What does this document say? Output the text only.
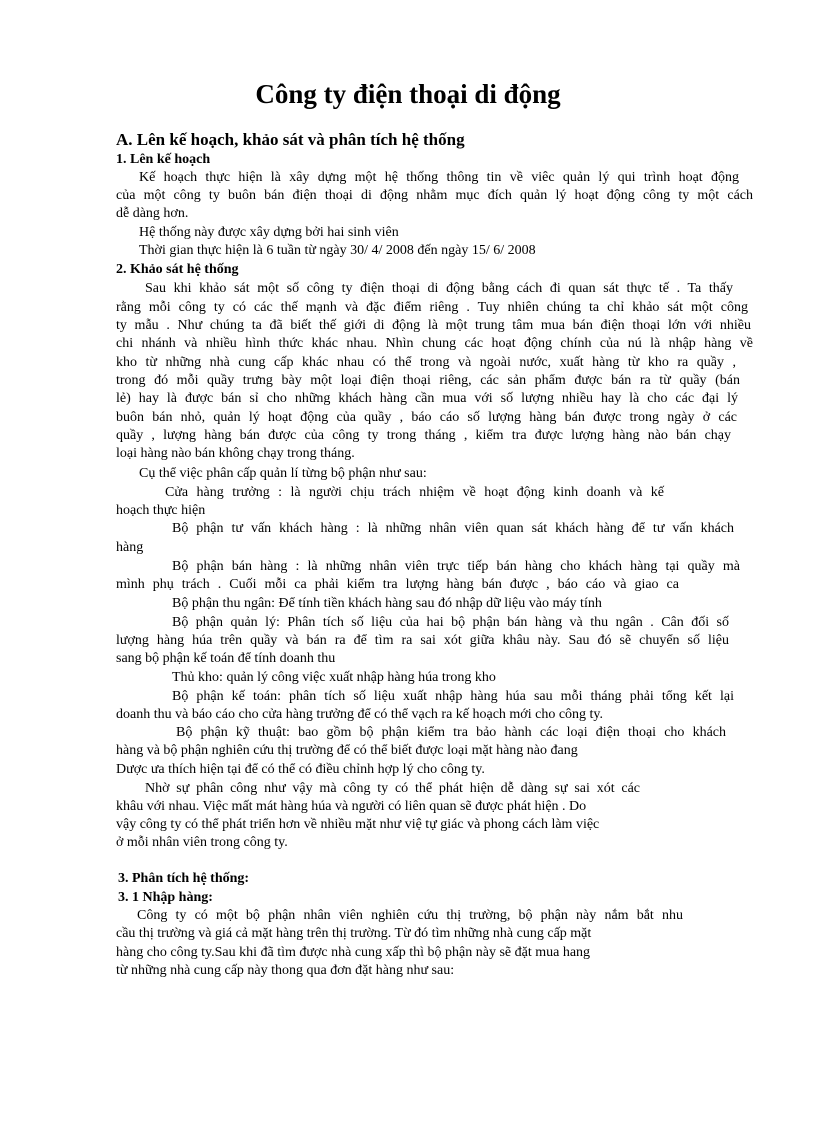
Công ty điện thoại di động
A. Lên kế hoạch, khảo sát và phân tích hệ thống
1. Lên kế hoạch
Kế hoạch thực hiện là xây dựng một hệ thống thông tin về viêc quản lý qui trình hoạt động
của một công ty buôn bán điện thoại di động nhằm mục đích quản lý hoạt động công ty một cách
dễ dàng hơn.
Hệ thống này được xây dựng bởi hai sinh viên
Thời gian thực hiện là 6 tuần từ ngày 30/ 4/ 2008 đến ngày 15/ 6/ 2008
2. Khảo sát hệ thống
Sau khi khảo sát một số công ty điện thoại di động bằng cách đi quan sát thực tế . Ta thấy
rằng mỗi công ty có các thế mạnh và đặc điểm riêng . Tuy nhiên chúng ta chỉ khảo sát một công
ty mẫu . Như chúng ta đã biết thế giới di động là một trung tâm mua bán điện thoại lớn với nhiều
chi nhánh và nhiều hình thức khác nhau. Nhìn chung các hoạt động chính của nú là nhập hàng về
kho từ những nhà cung cấp khác nhau có thể trong và ngoài nước, xuất hàng từ kho ra quầy ,
trong đó mỗi quầy trưng bày một loại điện thoại riêng, các sản phẩm được bán ra từ quầy (bán
lẻ) hay là được bán sỉ cho những khách hàng cần mua với số lượng nhiều hay là cho các đại lý
buôn bán nhỏ, quản lý hoạt động của quầy , báo cáo số lượng hàng bán được trong ngày ở các
quầy , lượng hàng bán được của công ty trong tháng , kiểm tra được lượng hàng nào bán chạy
loại hàng nào bán không chạy trong tháng.
Cụ thể việc phân cấp quản lí từng bộ phận như sau:
Cửa hàng trưởng : là người chịu trách nhiệm về hoạt động kinh doanh và kế
hoạch thực hiện
Bộ phận tư vấn khách hàng : là những nhân viên quan sát khách hàng để tư vấn khách
hàng
Bộ phận bán hàng : là những nhân viên trực tiếp bán hàng cho khách hàng tại quầy mà
mình phụ trách . Cuối mỗi ca phải kiểm tra lượng hàng bán được , báo cáo và giao ca
Bộ phận thu ngân: Để tính tiền khách hàng sau đó nhập dữ liệu vào máy tính
Bộ phận quản lý: Phân tích số liệu của hai bộ phận bán hàng và thu ngân . Cân đối số
lượng hàng húa trên quầy và bán ra để tìm ra sai xót giữa khâu này. Sau đó sẽ chuyển số liệu
sang bộ phận kế toán để tính doanh thu
Thủ kho: quản lý công việc xuất nhập hàng húa trong kho
Bộ phận kế toán: phân tích số liệu xuất nhập hàng húa sau mỗi tháng phải tổng kết lại
doanh thu và báo cáo cho cửa hàng trưởng để có thể vạch ra kế hoạch mới cho công ty.
Bộ phận kỹ thuật: bao gồm bộ phận kiểm tra bảo hành các loại điện thoại cho khách
hàng và bộ phận nghiên cứu thị trường để có thể biết được loại mặt hàng nào đang
Dược ưa thích hiện tại để có thể có điều chỉnh hợp lý cho công ty.
Nhờ sự phân công như vậy mà công ty có thể phát hiện dễ dàng sự sai xót các
khâu với nhau. Việc mất mát hàng húa và người có liên quan sẽ được phát hiện . Do
vậy công ty có thể phát triển hơn về nhiều mặt như việ tự giác và phong cách làm việc
ở mỗi nhân viên trong công ty.
3. Phân tích hệ thống:
3. 1 Nhập hàng:
Công ty có một bộ phận nhân viên nghiên cứu thị trường, bộ phận này nắm bắt nhu
cầu thị trường và giá cả mặt hàng trên thị trường. Từ đó tìm những nhà cung cấp mặt
hàng cho công ty.Sau khi đã tìm được nhà cung xấp thì bộ phận này sẽ đặt mua hang
từ những nhà cung cấp này thong qua đơn đặt hàng như sau:
